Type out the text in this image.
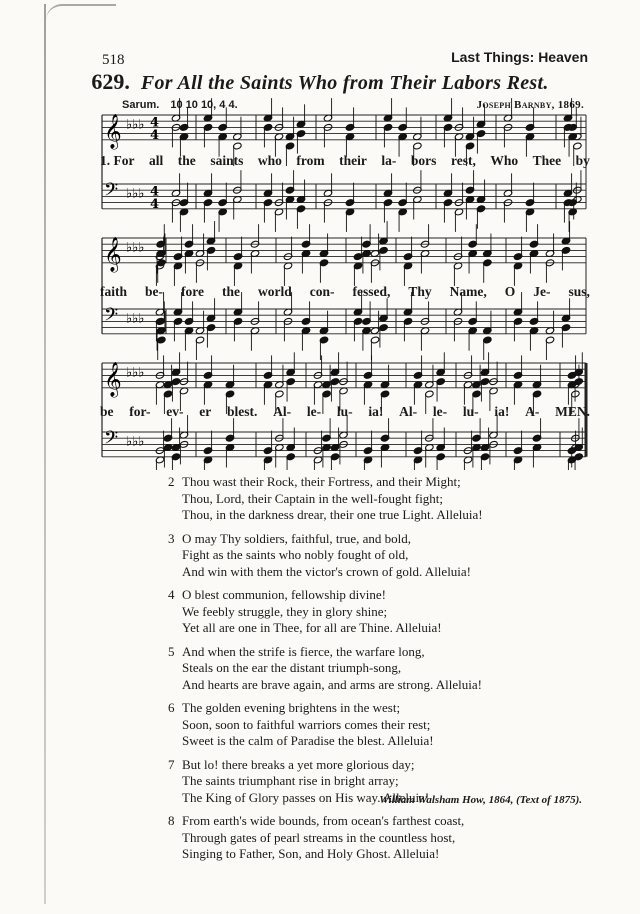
518	Last Things: Heaven
629. For All the Saints Who from Their Labors Rest.
Sarum. 10 10 10, 4 4.	Joseph Barnby, 1869.
𝄞 ♭♭♭ 4
4
𝄢 ♭♭♭ 4
4
𝄞 ♭♭♭
𝄢 ♭♭♭
𝄞 ♭♭♭
𝄢 ♭♭♭
1. For all the saints who from their la- bors rest, Who Thee by
faith be- fore the world con- fessed, Thy Name, O Je- sus,
be for- ev- er blest. Al- le- lu- ia! Al- le- lu- ia! A- MEN.
2 Thou wast their Rock, their Fortress, and their Might;
Thou, Lord, their Captain in the well-fought fight;
Thou, in the darkness drear, their one true Light. Alleluia!
3 O may Thy soldiers, faithful, true, and bold,
Fight as the saints who nobly fought of old,
And win with them the victor's crown of gold. Alleluia!
4 O blest communion, fellowship divine!
We feebly struggle, they in glory shine;
Yet all are one in Thee, for all are Thine. Alleluia!
5 And when the strife is fierce, the warfare long,
Steals on the ear the distant triumph-song,
And hearts are brave again, and arms are strong. Alleluia!
6 The golden evening brightens in the west;
Soon, soon to faithful warriors comes their rest;
Sweet is the calm of Paradise the blest. Alleluia!
7 But lo! there breaks a yet more glorious day;
The saints triumphant rise in bright array;
The King of Glory passes on His way. Alleluia!
8 From earth's wide bounds, from ocean's farthest coast,
Through gates of pearl streams in the countless host,
Singing to Father, Son, and Holy Ghost. Alleluia!
William Walsham How, 1864, (Text of 1875).
